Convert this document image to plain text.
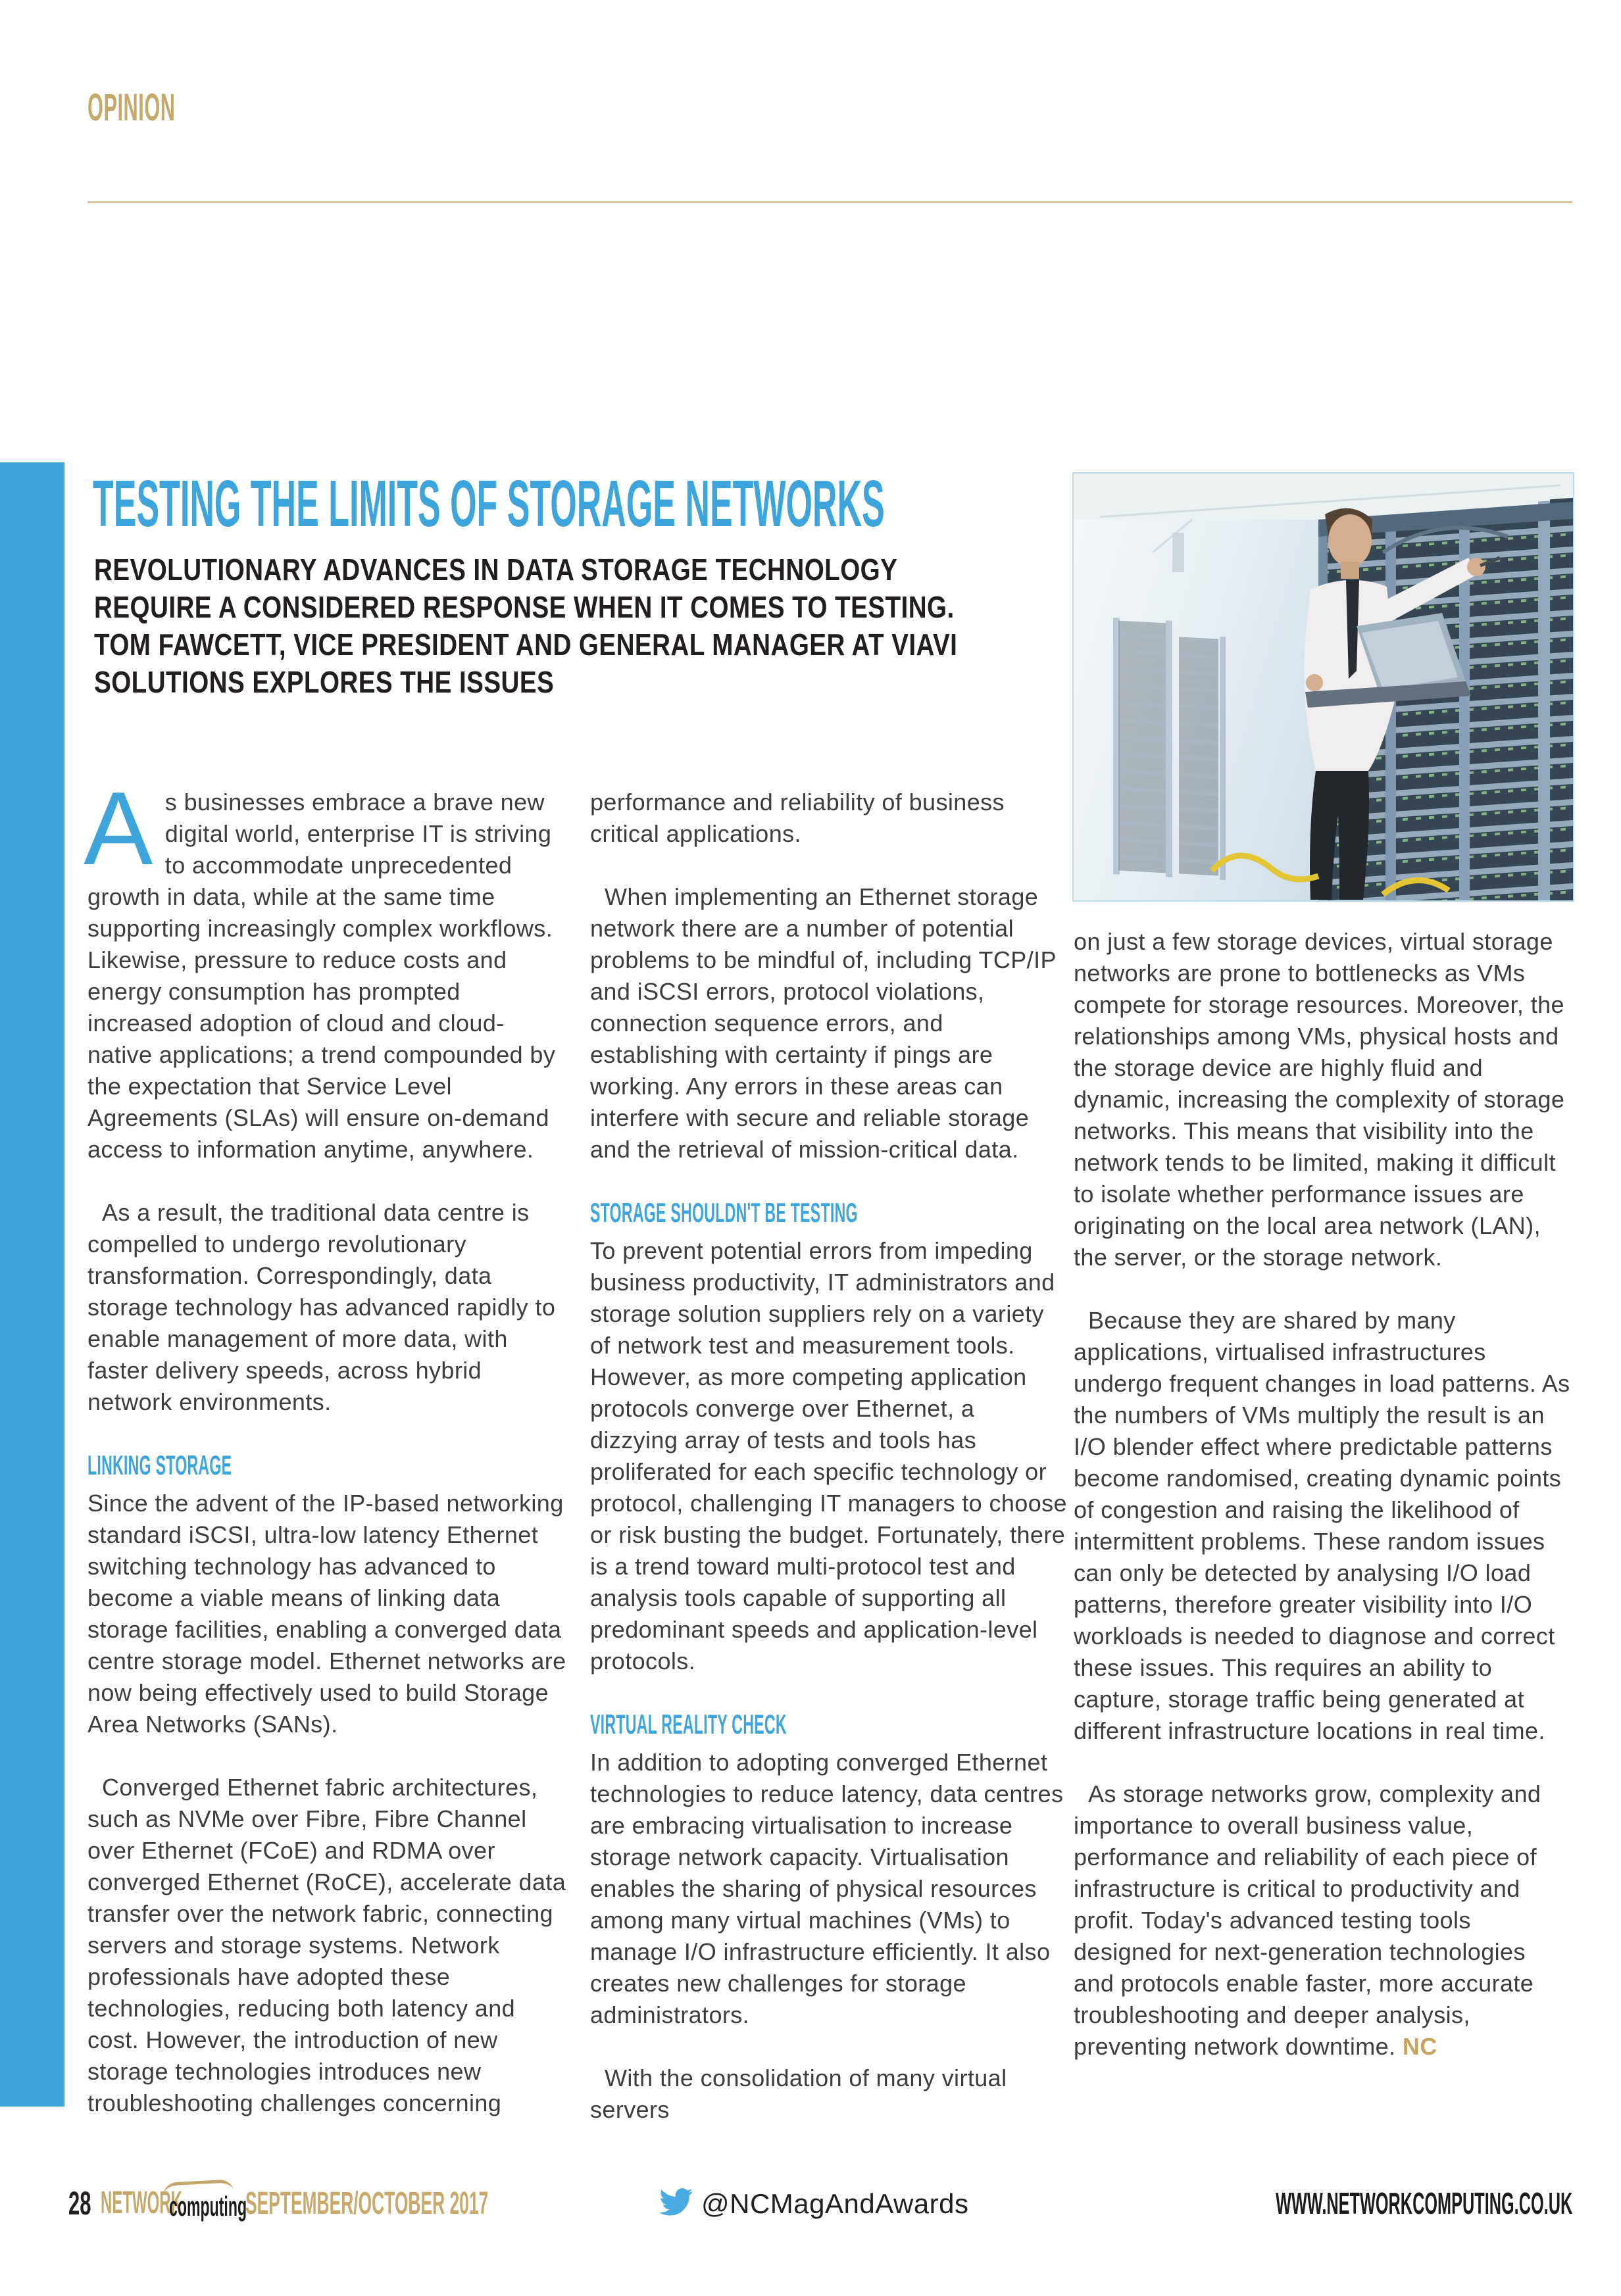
OPINION
TESTING THE LIMITS OF STORAGE NETWORKS
REVOLUTIONARY ADVANCES IN DATA STORAGE TECHNOLOGY
REQUIRE A CONSIDERED RESPONSE WHEN IT COMES TO TESTING.
TOM FAWCETT, VICE PRESIDENT AND GENERAL MANAGER AT VIAVI
SOLUTIONS EXPLORES THE ISSUES

As businesses embrace a brave new digital world, enterprise IT is striving to accommodate unprecedented growth in data, while at the same time supporting increasingly complex workflows. Likewise, pressure to reduce costs and energy consumption has prompted increased adoption of cloud and cloud-native applications; a trend compounded by the expectation that Service Level Agreements (SLAs) will ensure on-demand access to information anytime, anywhere.

As a result, the traditional data centre is compelled to undergo revolutionary transformation. Correspondingly, data storage technology has advanced rapidly to enable management of more data, with faster delivery speeds, across hybrid network environments.

LINKING STORAGE

Since the advent of the IP-based networking standard iSCSI, ultra-low latency Ethernet switching technology has advanced to become a viable means of linking data storage facilities, enabling a converged data centre storage model. Ethernet networks are now being effectively used to build Storage Area Networks (SANs).

Converged Ethernet fabric architectures, such as NVMe over Fibre, Fibre Channel over Ethernet (FCoE) and RDMA over converged Ethernet (RoCE), accelerate data transfer over the network fabric, connecting servers and storage systems. Network professionals have adopted these technologies, reducing both latency and cost. However, the introduction of new storage technologies introduces new troubleshooting challenges concerning

performance and reliability of business critical applications.

When implementing an Ethernet storage network there are a number of potential problems to be mindful of, including TCP/IP and iSCSI errors, protocol violations, connection sequence errors, and establishing with certainty if pings are working. Any errors in these areas can interfere with secure and reliable storage and the retrieval of mission-critical data.

STORAGE SHOULDN'T BE TESTING

To prevent potential errors from impeding business productivity, IT administrators and storage solution suppliers rely on a variety of network test and measurement tools. However, as more competing application protocols converge over Ethernet, a dizzying array of tests and tools has proliferated for each specific technology or protocol, challenging IT managers to choose or risk busting the budget. Fortunately, there is a trend toward multi-protocol test and analysis tools capable of supporting all predominant speeds and application-level protocols.

VIRTUAL REALITY CHECK

In addition to adopting converged Ethernet technologies to reduce latency, data centres are embracing virtualisation to increase storage network capacity. Virtualisation enables the sharing of physical resources among many virtual machines (VMs) to manage I/O infrastructure efficiently. It also creates new challenges for storage administrators.

With the consolidation of many virtual servers

on just a few storage devices, virtual storage networks are prone to bottlenecks as VMs compete for storage resources. Moreover, the relationships among VMs, physical hosts and the storage device are highly fluid and dynamic, increasing the complexity of storage networks. This means that visibility into the network tends to be limited, making it difficult to isolate whether performance issues are originating on the local area network (LAN), the server, or the storage network.

Because they are shared by many applications, virtualised infrastructures undergo frequent changes in load patterns. As the numbers of VMs multiply the result is an I/O blender effect where predictable patterns become randomised, creating dynamic points of congestion and raising the likelihood of intermittent problems. These random issues can only be detected by analysing I/O load patterns, therefore greater visibility into I/O workloads is needed to diagnose and correct these issues. This requires an ability to capture, storage traffic being generated at different infrastructure locations in real time.

As storage networks grow, complexity and importance to overall business value, performance and reliability of each piece of infrastructure is critical to productivity and profit. Today's advanced testing tools designed for next-generation technologies and protocols enable faster, more accurate troubleshooting and deeper analysis, preventing network downtime. NC

28 NETWORK
computing
SEPTEMBER/OCTOBER 2017	@NCMagAndAwards	WWW.NETWORKCOMPUTING.CO.UK
